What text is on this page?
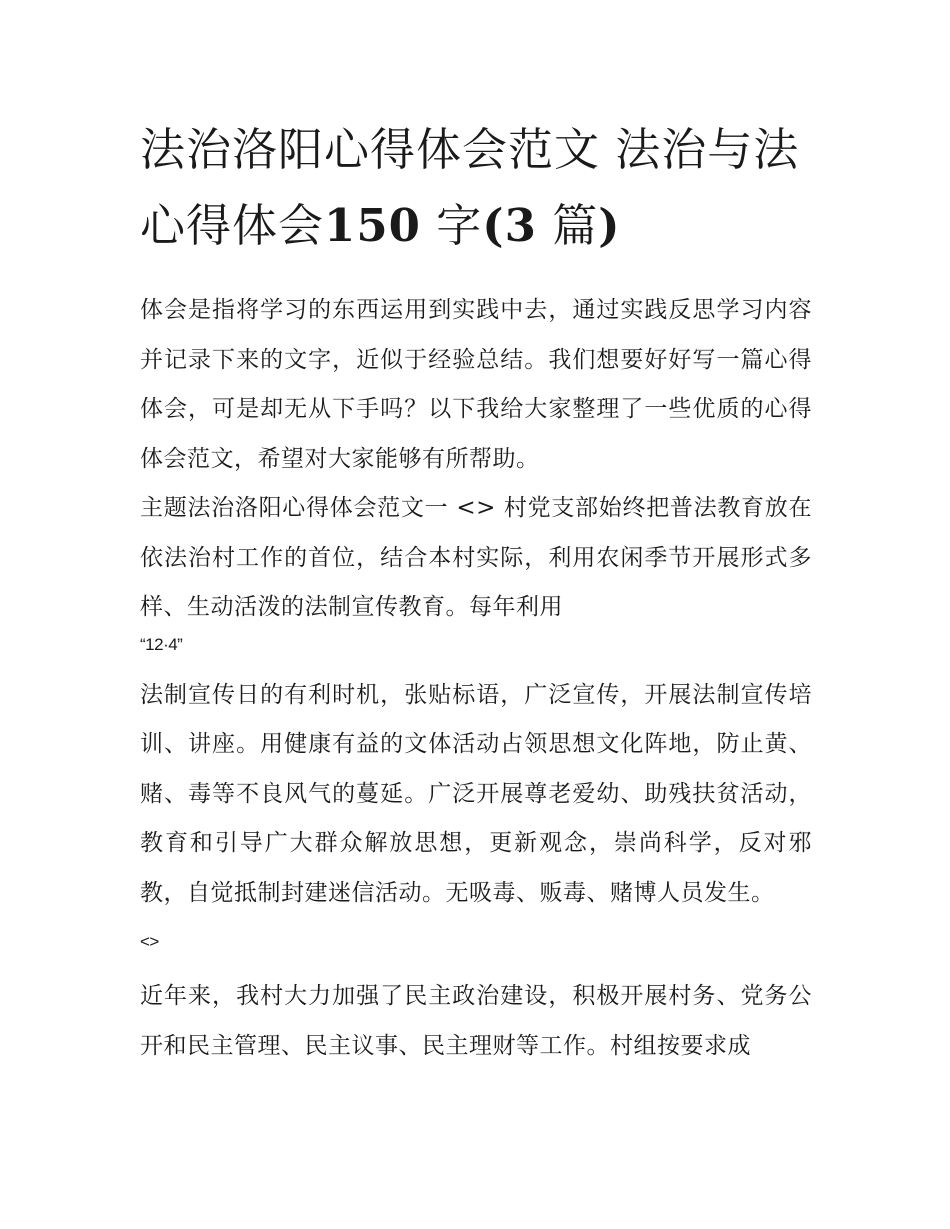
法治洛阳心得体会范文 法治与法心得体会150 字(3 篇)

体会是指将学习的东西运用到实践中去，通过实践反思学习内容并记录下来的文字，近似于经验总结。我们想要好好写一篇心得体会，可是却无从下手吗？以下我给大家整理了一些优质的心得体会范文，希望对大家能够有所帮助。

主题法治洛阳心得体会范文一 <> 村党支部始终把普法教育放在依法治村工作的首位，结合本村实际，利用农闲季节开展形式多样、生动活泼的法制宣传教育。每年利用

“12·4”

法制宣传日的有利时机，张贴标语，广泛宣传，开展法制宣传培训、讲座。用健康有益的文体活动占领思想文化阵地，防止黄、赌、毒等不良风气的蔓延。广泛开展尊老爱幼、助残扶贫活动，教育和引导广大群众解放思想，更新观念，崇尚科学，反对邪教，自觉抵制封建迷信活动。无吸毒、贩毒、赌博人员发生。

<>

近年来，我村大力加强了民主政治建设，积极开展村务、党务公开和民主管理、民主议事、民主理财等工作。村组按要求成
